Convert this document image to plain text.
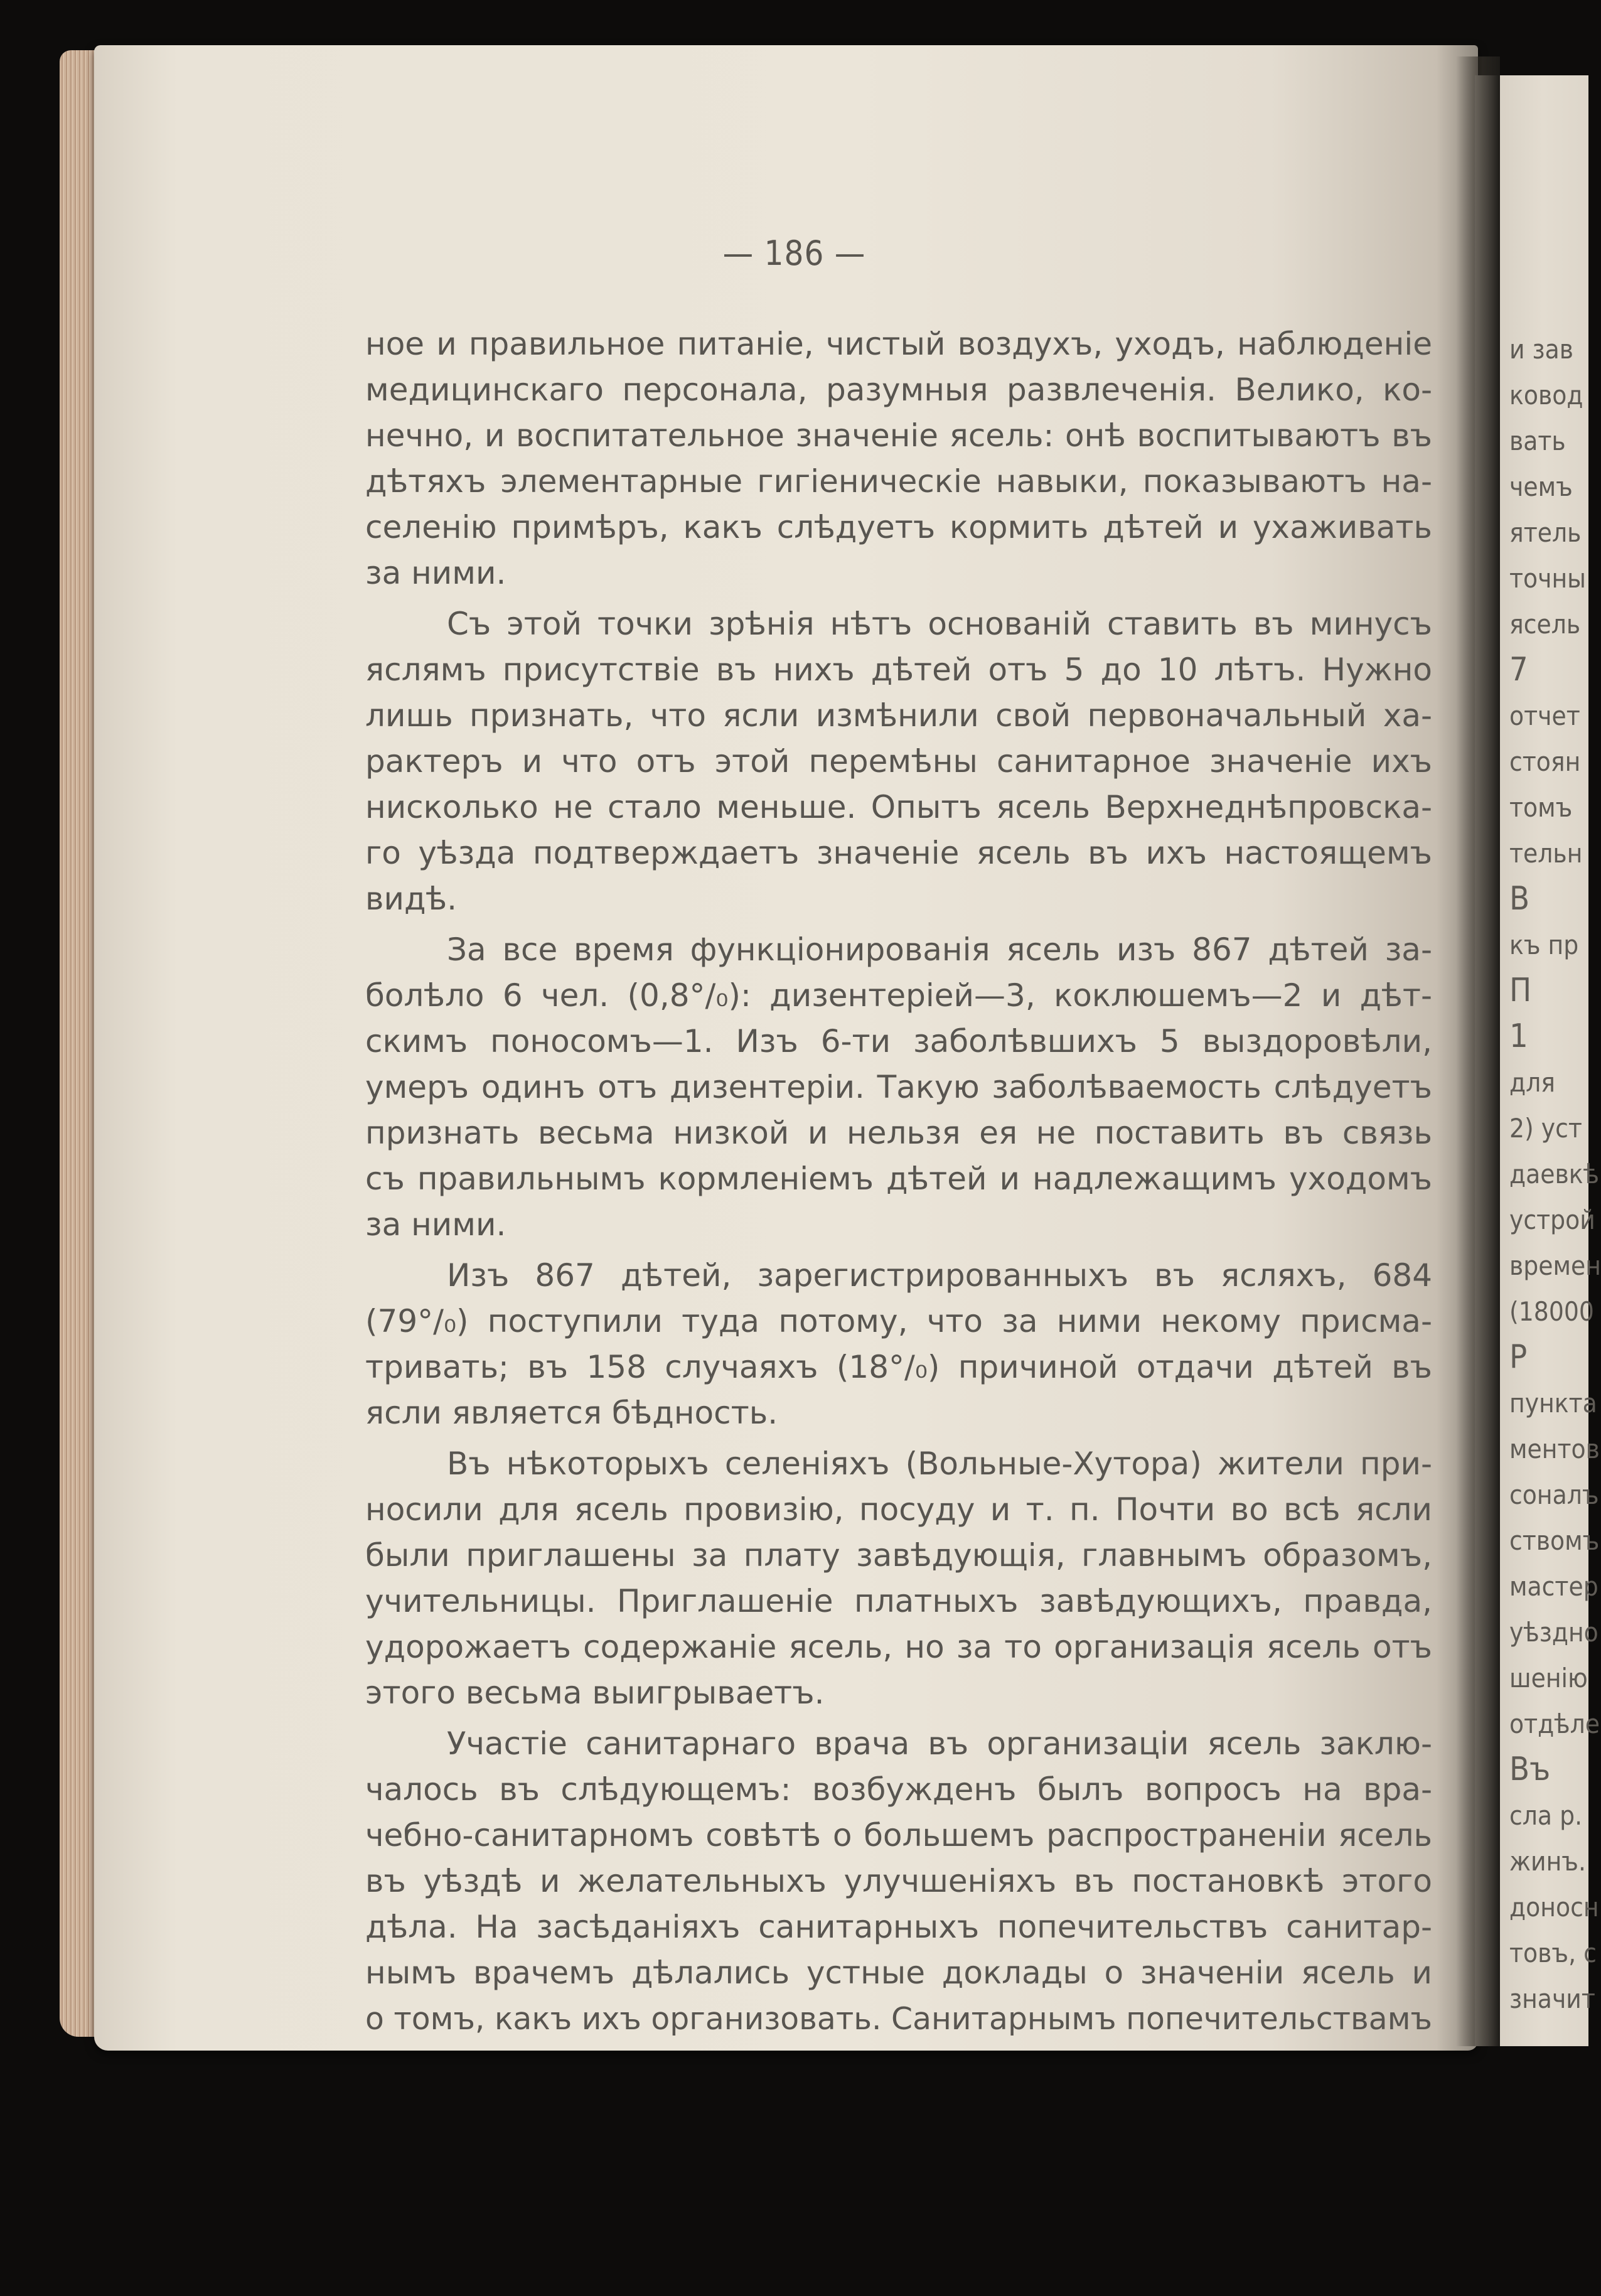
— 186 —
ное и правильное питанiе, чистый воздухъ, уходъ, наблюденiе
медицинскаго персонала, разумныя развлеченiя. Велико, ко-
нечно, и воспитательное значенiе ясель: онѣ воспитываютъ въ
дѣтяхъ элементарные гигiеническiе навыки, показываютъ на-
селенiю примѣръ, какъ слѣдуетъ кормить дѣтей и ухаживать
за ними.
Съ этой точки зрѣнiя нѣтъ основанiй ставить въ минусъ
яслямъ присутствiе въ нихъ дѣтей отъ 5 до 10 лѣтъ. Нужно
лишь признать, что ясли измѣнили свой первоначальный ха-
рактеръ и что отъ этой перемѣны санитарное значенiе ихъ
нисколько не стало меньше. Опытъ ясель Верхнеднѣпровска-
го уѣзда подтверждаетъ значенiе ясель въ ихъ настоящемъ
видѣ.
За все время функцiонированiя ясель изъ 867 дѣтей за-
болѣло 6 чел. (0,8°/₀): дизентерiей—3, коклюшемъ—2 и дѣт-
скимъ поносомъ—1. Изъ 6-ти заболѣвшихъ 5 выздоровѣли,
умеръ одинъ отъ дизентерiи. Такую заболѣваемость слѣдуетъ
признать весьма низкой и нельзя ея не поставить въ связь
съ правильнымъ кормленiемъ дѣтей и надлежащимъ уходомъ
за ними.
Изъ 867 дѣтей, зарегистрированныхъ въ ясляхъ, 684
(79°/₀) поступили туда потому, что за ними некому присма-
тривать; въ 158 случаяхъ (18°/₀) причиной отдачи дѣтей въ
ясли является бѣдность.
Въ нѣкоторыхъ селенiяхъ (Вольные-Хутора) жители при-
носили для ясель провизiю, посуду и т. п. Почти во всѣ ясли
были приглашены за плату завѣдующiя, главнымъ образомъ,
учительницы. Приглашенiе платныхъ завѣдующихъ, правда,
удорожаетъ содержанiе ясель, но за то организацiя ясель отъ
этого весьма выигрываетъ.
Участiе санитарнаго врача въ организацiи ясель заклю-
чалось въ слѣдующемъ: возбужденъ былъ вопросъ на вра-
чебно-санитарномъ совѣтѣ о большемъ распространенiи ясель
въ уѣздѣ и желательныхъ улучшенiяхъ въ постановкѣ этого
дѣла. На засѣданiяхъ санитарныхъ попечительствъ санитар-
нымъ врачемъ дѣлались устные доклады о значенiи ясель и
о томъ, какъ ихъ организовать. Санитарнымъ попечительствамъ
и зав
ковод
вать
чемъ
ятель
точны
ясель
7
отчет
стоян
томъ
тельн
В
къ пр
П
1
для
2) уст
даевкѣ
устрой
времен
(18000
Р
пункта
ментов
соналъ
ствомъ
мастер
уѣздно
шенiю
отдѣле
Въ
сла р.
жинъ.
доносн
товъ, с
значит
